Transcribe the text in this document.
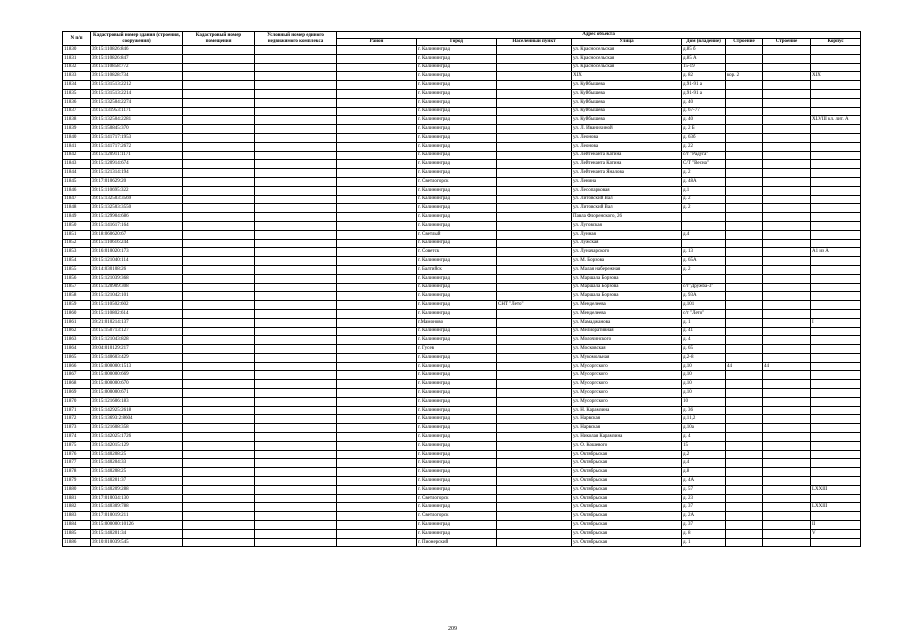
N п/п	Кадастровый номер здания (строения, сооружения)	Кадастровый номер помещения	Условный номер единого недвижимого комплекса	Адрес объекта							
				Район	Город	Населенный пункт	Улица	Дом (владение)	Строение	Строение	Корпус
11830	39:15:110826:846				г. Калининград		ул. Красносельская	д.85 б			
11831	39:15:110826:847				г. Калининград		ул. Красносельская	д.85 А			
11832	39:15:110858:772				г. Калининград		ул. Красносельская	15-19			
11833	39:15:110828:734				г. Калининград		XIX	д. 82	кор. 2		XIX
11834	39:15:131513:2212				г. Калининград		ул. Куйбышева	д.91-91 а			
11835	39:15:131513:2214				г. Калининград		ул. Куйбышева	д.91-91 а			
11836	39:15:132504:2274				г. Калининград		ул. Куйбышева	д. 40			
11837	39:15:131953:1171				г. Калининград		ул. Куйбышева	д. 67-77			
11838	39:15:132504:2281				г. Калининград		ул. Куйбышева	д. 40			XLVIII кл. лит. А
11839	39:15:150845:370				г. Калининград		ул. Л. Иванихиной	д. 2 Б			
11840	39:15:141717:1953				г. Калининград		ул. Леонова	д. 63б			
11841	39:15:141717:2672				г. Калининград		ул. Леонова	д. 22			
11842	39:15:120911:1171				г. Калининград		ул. Лейтенанта Катина	с/т "Радуга"			
11843	39:15:120914:674				г. Калининград		ул. Лейтенанта Катина	С/Т "Весна"			
11844	39:15:121314:194				г. Калининград		ул. Лейтенанта Яналова	д. 2			
11845	39:17:010629:20				г. Светлогорск		ул. Ленина	д. 48А			
11846	39:15:110695:322				г. Калининград		ул. Лесопарковая	д.1			
11847	39:15:132503:3569				г. Калининград		ул. Литовский Вал	д. 2			
11848	39:15:132503:3550				г. Калининград		ул. Литовский Вал	д. 2			
11849	39:15:129904:686				г. Калининград		Павла Флоренского, 26				
11850	39:15:141617:164				г. Калининград		ул. Луговская				
11851	39:18:060620:67				г. Светлый		ул. Лунная	д.4			
11852	39:15:110616:244				г. Калининград		ул. Лужская				
11853	39:16:010020:173				г. Советск		ул. Луначарского	д. 13			А1 из А
11854	39:15:121040:114				г. Калининград		ул. М. Борзова	д. 65А			
11855	39:14:030108:26				г. Балтийск		ул. Малая набережная	д. 2			
11856	39:15:121039:368				г. Калининград		ул. Маршала Борзова				
11857	39:15:120909:308				г. Калининград		ул. Маршала Борзова	с/т"Дружба-3"			
11858	39:15:121042:101				г. Калининград		ул. Маршала Борзова	д. 93А			
11859	39:15:110502:602				г. Калининград	СНТ "Лето"	ул. Менделеева	д.101			
11860	39:15:110802:614				г. Калининград		ул. Менделеева	с/т "Лето"			
11861	39:21:010214:137				г.Мамоново		ул. Мамаджанова	д. 1			I
11862	39:15:150713:127				г. Калининград		ул. Мелиоративная	д. 41			
11863	39:15:121043:828				г. Калининград		ул. Молочинского	д. 4			
11864	39:04:010129:217				г. Гусев		ул. Московская	д. 65			
11865	39:15:140603:429				г. Калининград		ул. Мукомольная	д.2-8			
11866	39:15:000000:1513				г. Калининград		ул. Мусоргского	д.10	44	44	
11867	39:15:000000:669				г. Калининград		ул. Мусоргского	д.10			
11868	39:15:000000:670				г. Калининград		ул. Мусоргского	д.10			
11869	39:15:000000:671				г. Калининград		ул. Мусоргского	д.10			
11870	39:15:121606:183				г. Калининград		ул. Мусоргского	10			
11871	39:15:142925:2618				г. Калининград		ул. Н. Карамзина	д. 36			
11872	39:15:13693:2:8604				г. Калининград		ул. Нарвская	д.11,2			
11873	39:15:121608:358				г. Калининград		ул. Нарвская	д.10а			
11874	39:15:142025:1726				г. Калининград		ул. Николая Карамзина	д. 4			
11875	39:15:142015:129				г. Калининград		ул. О. Кошевого	15			
11876	39:15:140208:25				г. Калининград		ул. Октябрьская	д.2			
11877	39:15:140204:33				г. Калининград		ул. Октябрьская	д.4			
11878	39:15:140208:25				г. Калининград		ул. Октябрьская	д.8			
11879	39:15:140201:37				г. Калининград		ул. Октябрьская	д. 4А			
11880	39:15:140209:288				г. Калининград		ул. Октябрьская	д. 57			LXXIII
11881	39:17:010034:130				г. Светлогорск		ул. Октябрьская	д. 23			
11882	39:15:140309:788				г. Калининград		ул. Октябрьская	д. 37			LXXIII
11883	39:17:010019:211				г. Светлогорск		ул. Октябрьская	д. 2А			
11884	39:15:000000:10126				г. Калининград		ул. Октябрьская	д. 37			II
11885	39:15:140201:34				г. Калининград		ул. Октябрьская	д. 8			V
11886	39:10:010039:545				г. Пионерский		ул. Октябрьская	д. 1			
209
